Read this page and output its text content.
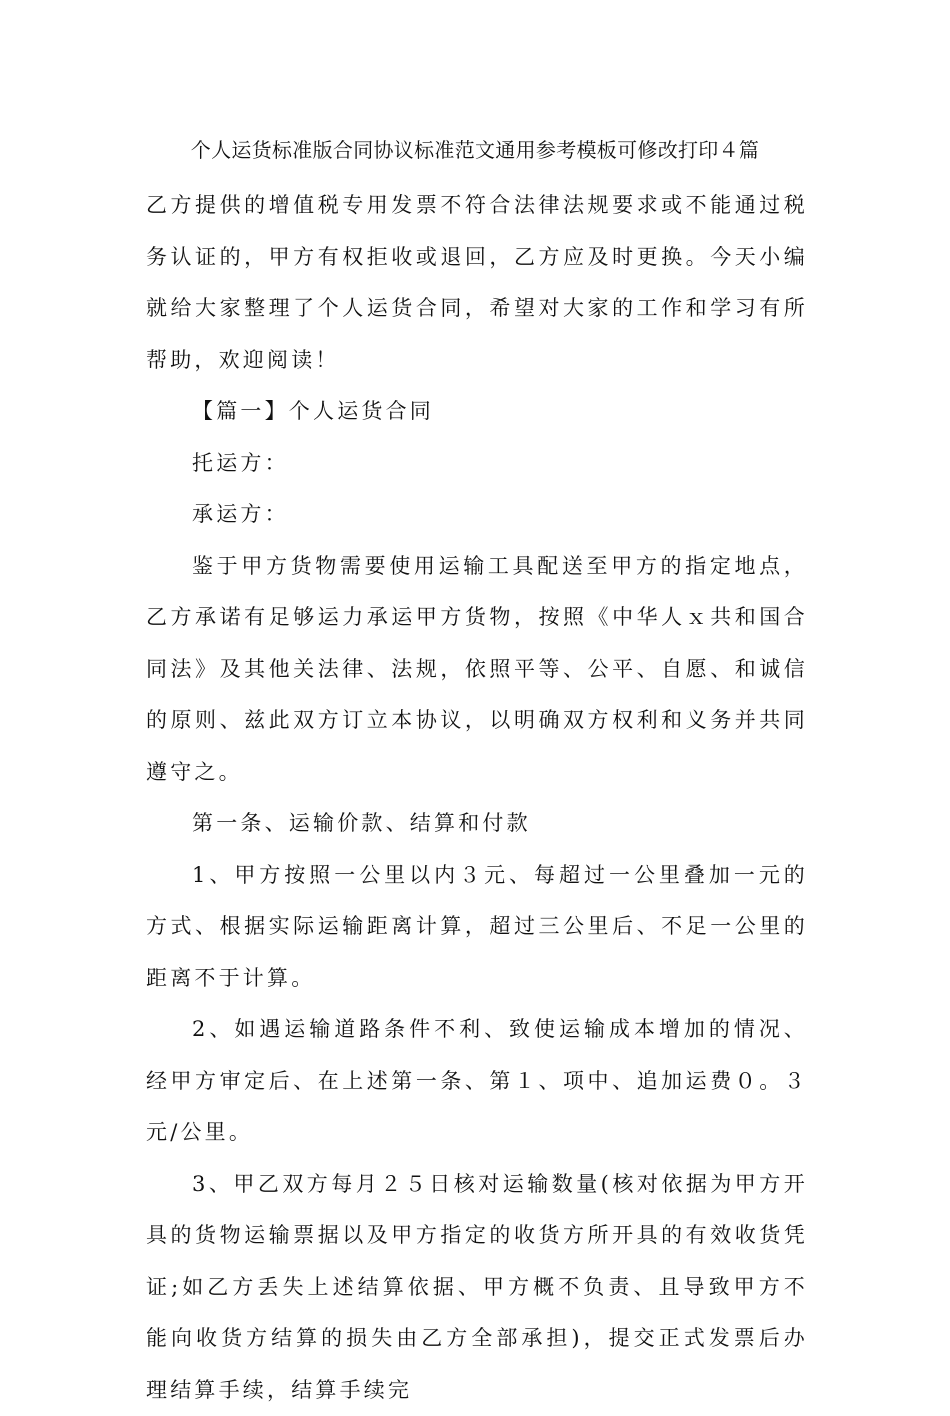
个人运货标准版合同协议标准范文通用参考模板可修改打印４篇

乙方提供的增值税专用发票不符合法律法规要求或不能通过税务认证的，甲方有权拒收或退回，乙方应及时更换。今天小编就给大家整理了个人运货合同，希望对大家的工作和学习有所帮助，欢迎阅读！

【篇一】个人运货合同

托运方：

承运方：

鉴于甲方货物需要使用运输工具配送至甲方的指定地点，乙方承诺有足够运力承运甲方货物，按照《中华人ｘ共和国合同法》及其他关法律、法规，依照平等、公平、自愿、和诚信的原则、兹此双方订立本协议，以明确双方权利和义务并共同遵守之。

第一条、运输价款、结算和付款

1、甲方按照一公里以内３元、每超过一公里叠加一元的方式、根据实际运输距离计算，超过三公里后、不足一公里的距离不于计算。

2、如遇运输道路条件不利、致使运输成本增加的情况、经甲方审定后、在上述第一条、第１、项中、追加运费０。３元/公里。

3、甲乙双方每月２５日核对运输数量(核对依据为甲方开具的货物运输票据以及甲方指定的收货方所开具的有效收货凭证;如乙方丢失上述结算依据、甲方概不负责、且导致甲方不能向收货方结算的损失由乙方全部承担)，提交正式发票后办理结算手续，结算手续完
